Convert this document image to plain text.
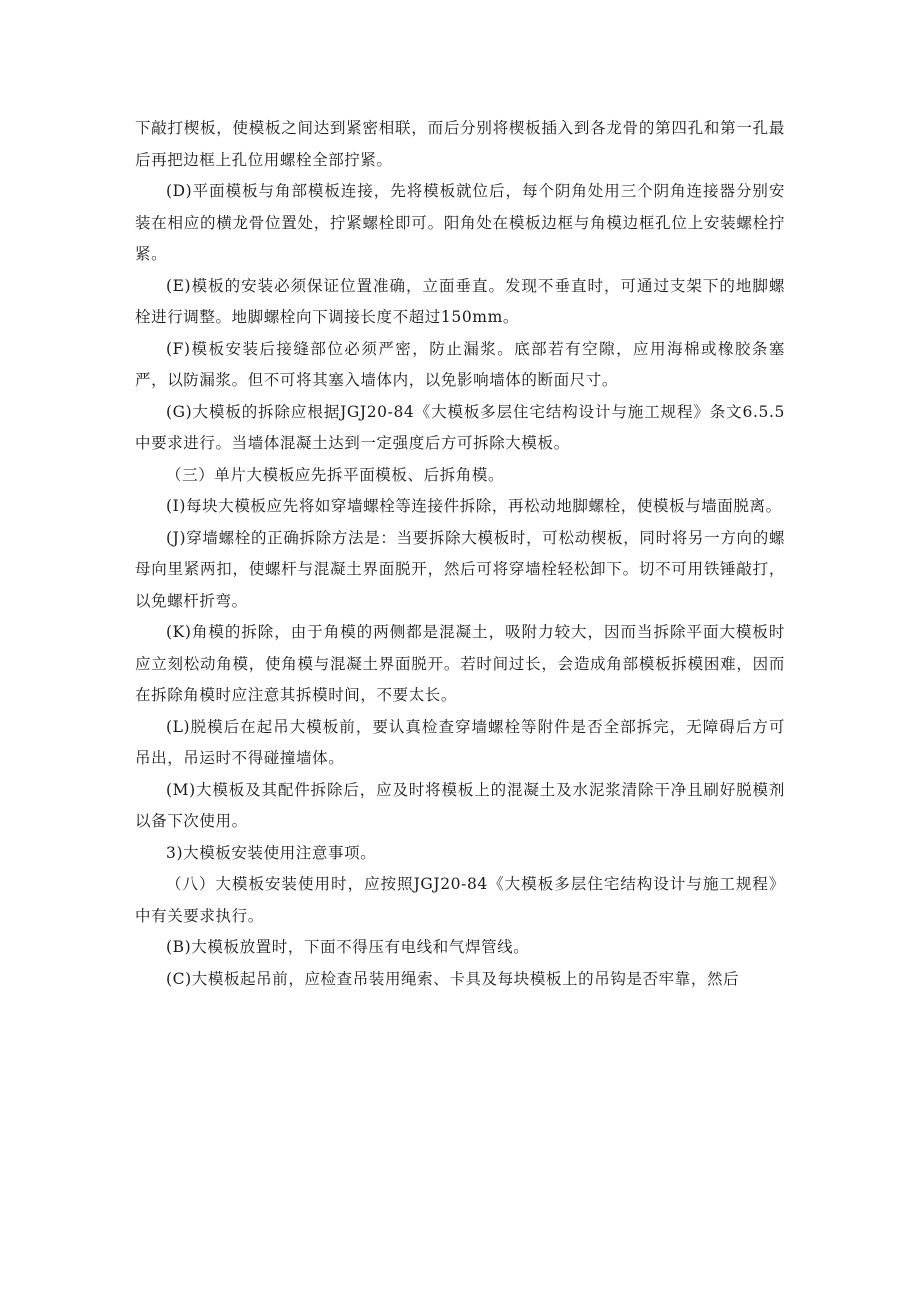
下敲打楔板，使模板之间达到紧密相联，而后分别将楔板插入到各龙骨的第四孔和第一孔最后再把边框上孔位用螺栓全部拧紧。

(D)平面模板与角部模板连接，先将模板就位后，每个阴角处用三个阴角连接器分别安装在相应的横龙骨位置处，拧紧螺栓即可。阳角处在模板边框与角模边框孔位上安装螺栓拧紧。

(E)模板的安装必须保证位置准确，立面垂直。发现不垂直时，可通过支架下的地脚螺栓进行调整。地脚螺栓向下调接长度不超过150mm。

(F)模板安装后接缝部位必须严密，防止漏浆。底部若有空隙，应用海棉或橡胶条塞严，以防漏浆。但不可将其塞入墙体内，以免影响墙体的断面尺寸。

(G)大模板的拆除应根据JGJ20-84《大模板多层住宅结构设计与施工规程》条文6.5.5中要求进行。当墙体混凝土达到一定强度后方可拆除大模板。

（三）单片大模板应先拆平面模板、后拆角模。

(I)每块大模板应先将如穿墙螺栓等连接件拆除，再松动地脚螺栓，使模板与墙面脱离。

(J)穿墙螺栓的正确拆除方法是：当要拆除大模板时，可松动楔板，同时将另一方向的螺母向里紧两扣，使螺杆与混凝土界面脱开，然后可将穿墙栓轻松卸下。切不可用铁锤敲打，以免螺杆折弯。

(K)角模的拆除，由于角模的两侧都是混凝土，吸附力较大，因而当拆除平面大模板时应立刻松动角模，使角模与混凝土界面脱开。若时间过长，会造成角部模板拆模困难，因而在拆除角模时应注意其拆模时间，不要太长。

(L)脱模后在起吊大模板前，要认真检查穿墙螺栓等附件是否全部拆完，无障碍后方可吊出，吊运时不得碰撞墙体。

(M)大模板及其配件拆除后，应及时将模板上的混凝土及水泥浆清除干净且刷好脱模剂以备下次使用。

3)大模板安装使用注意事项。

（八）大模板安装使用时，应按照JGJ20-84《大模板多层住宅结构设计与施工规程》中有关要求执行。

(B)大模板放置时，下面不得压有电线和气焊管线。

(C)大模板起吊前，应检查吊装用绳索、卡具及每块模板上的吊钩是否牢靠，然后
